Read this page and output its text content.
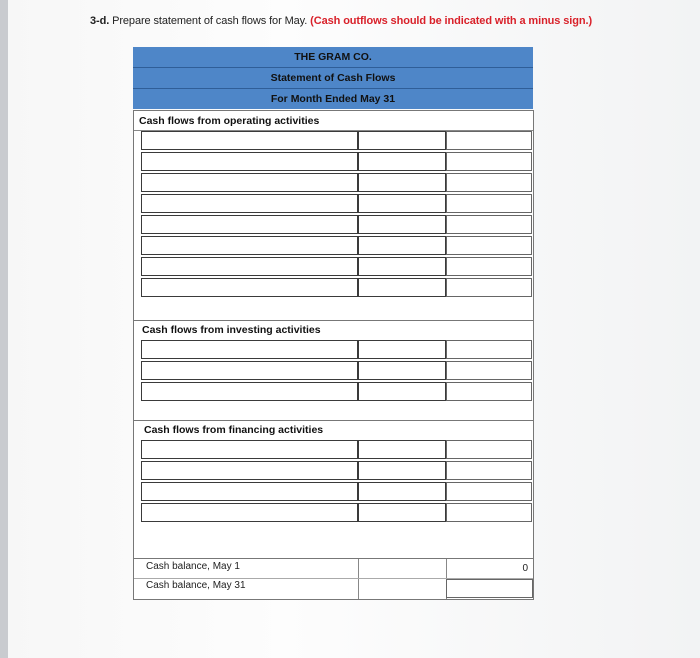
3-d. Prepare statement of cash flows for May. (Cash outflows should be indicated with a minus sign.)
THE GRAM CO.
Statement of Cash Flows
For Month Ended May 31
Cash flows from operating activities
Cash flows from investing activities
Cash flows from financing activities
Cash balance, May 1
Cash balance, May 31
0
